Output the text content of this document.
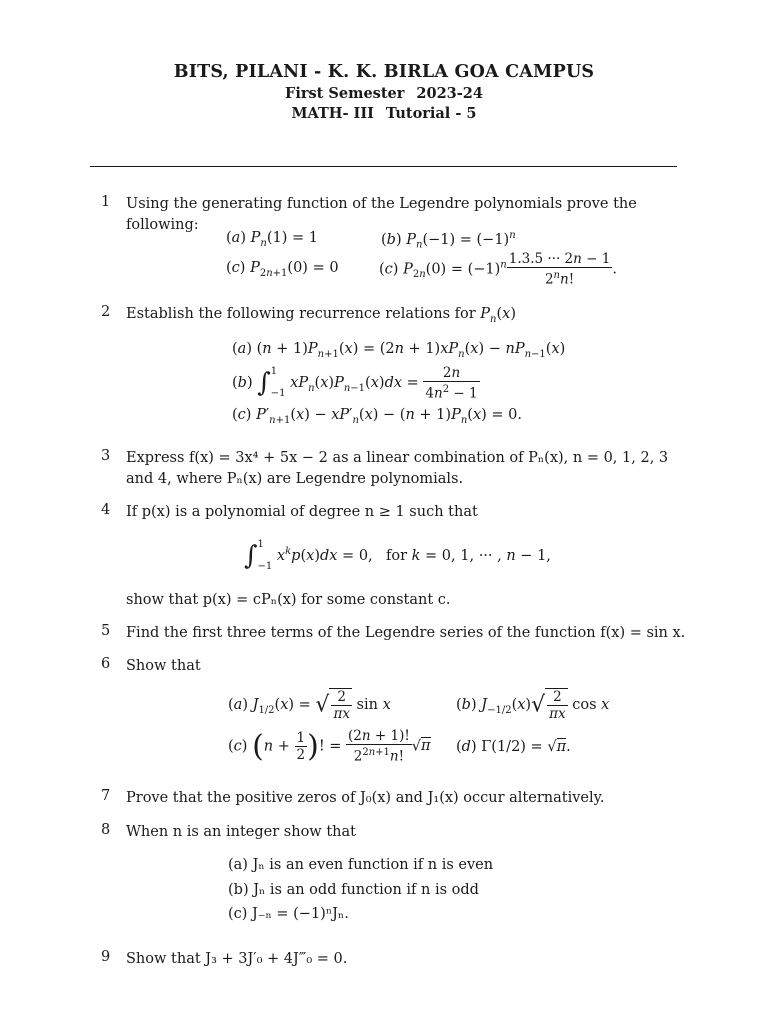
BITS, PILANI - K. K. BIRLA GOA CAMPUS
First Semester 2023-24
MATH- III Tutorial - 5
1 Using the generating function of the Legendre polynomials prove the following:
(a) $P_n(1) = 1$	(b) $P_n(-1) = (-1)^n$
(c) $P_{2n+1}(0) = 0$	(c) $P_{2n}(0) = (-1)^n \frac{1.3.5 \cdot\cdot\cdot 2n - 1}{2^nn!}$ .
2 Establish the following recurrence relations for $P_n(x)$
(a) $(n + 1)P_{n+1}(x) = (2n + 1)xP_n(x) - nP_{n-1}(x)$
(b) ∫ 1
−1
$xP_n(x)P_{n-1}(x)dx = \frac{2n}{4n^2 - 1}$
(c) $P'_{n+1}(x) - xP'_n(x) - (n + 1)P_n(x) = 0$.
3 Express f(x) = 3x⁴ + 5x − 2 as a linear combination of Pₙ(x), n = 0, 1, 2, 3 and 4, where Pₙ(x) are Legendre polynomials.
4 If p(x) is a polynomial of degree n ≥ 1 such that
∫ 1
−1
$x^kp(x)dx = 0$, for k = 0, 1, ··· , n − 1,
show that p(x) = cPₙ(x) for some constant c.
5 Find the first three terms of the Legendre series of the function f(x) = sin x.
6 Show that
(a) $J_{1/2}(x)$ = √ $\frac{2}{\pi x}$ sin x	(b) $J_{-1/2}(x)√ \frac{2}{\pi x}$ cos x
(c) ($n + \frac{1}{2}$ )! = $\frac{(2n + 1)!}{2^{2n+1}n!} √\pi$ (d) Γ(1/2) = √π.
7 Prove that the positive zeros of J₀(x) and J₁(x) occur alternatively.
8 When n is an integer show that
(a) Jₙ is an even function if n is even
(b) Jₙ is an odd function if n is odd
(c) J₋ₙ = (−1)ⁿJₙ.
9 Show that J₃ + 3J′₀ + 4J‴₀ = 0.
